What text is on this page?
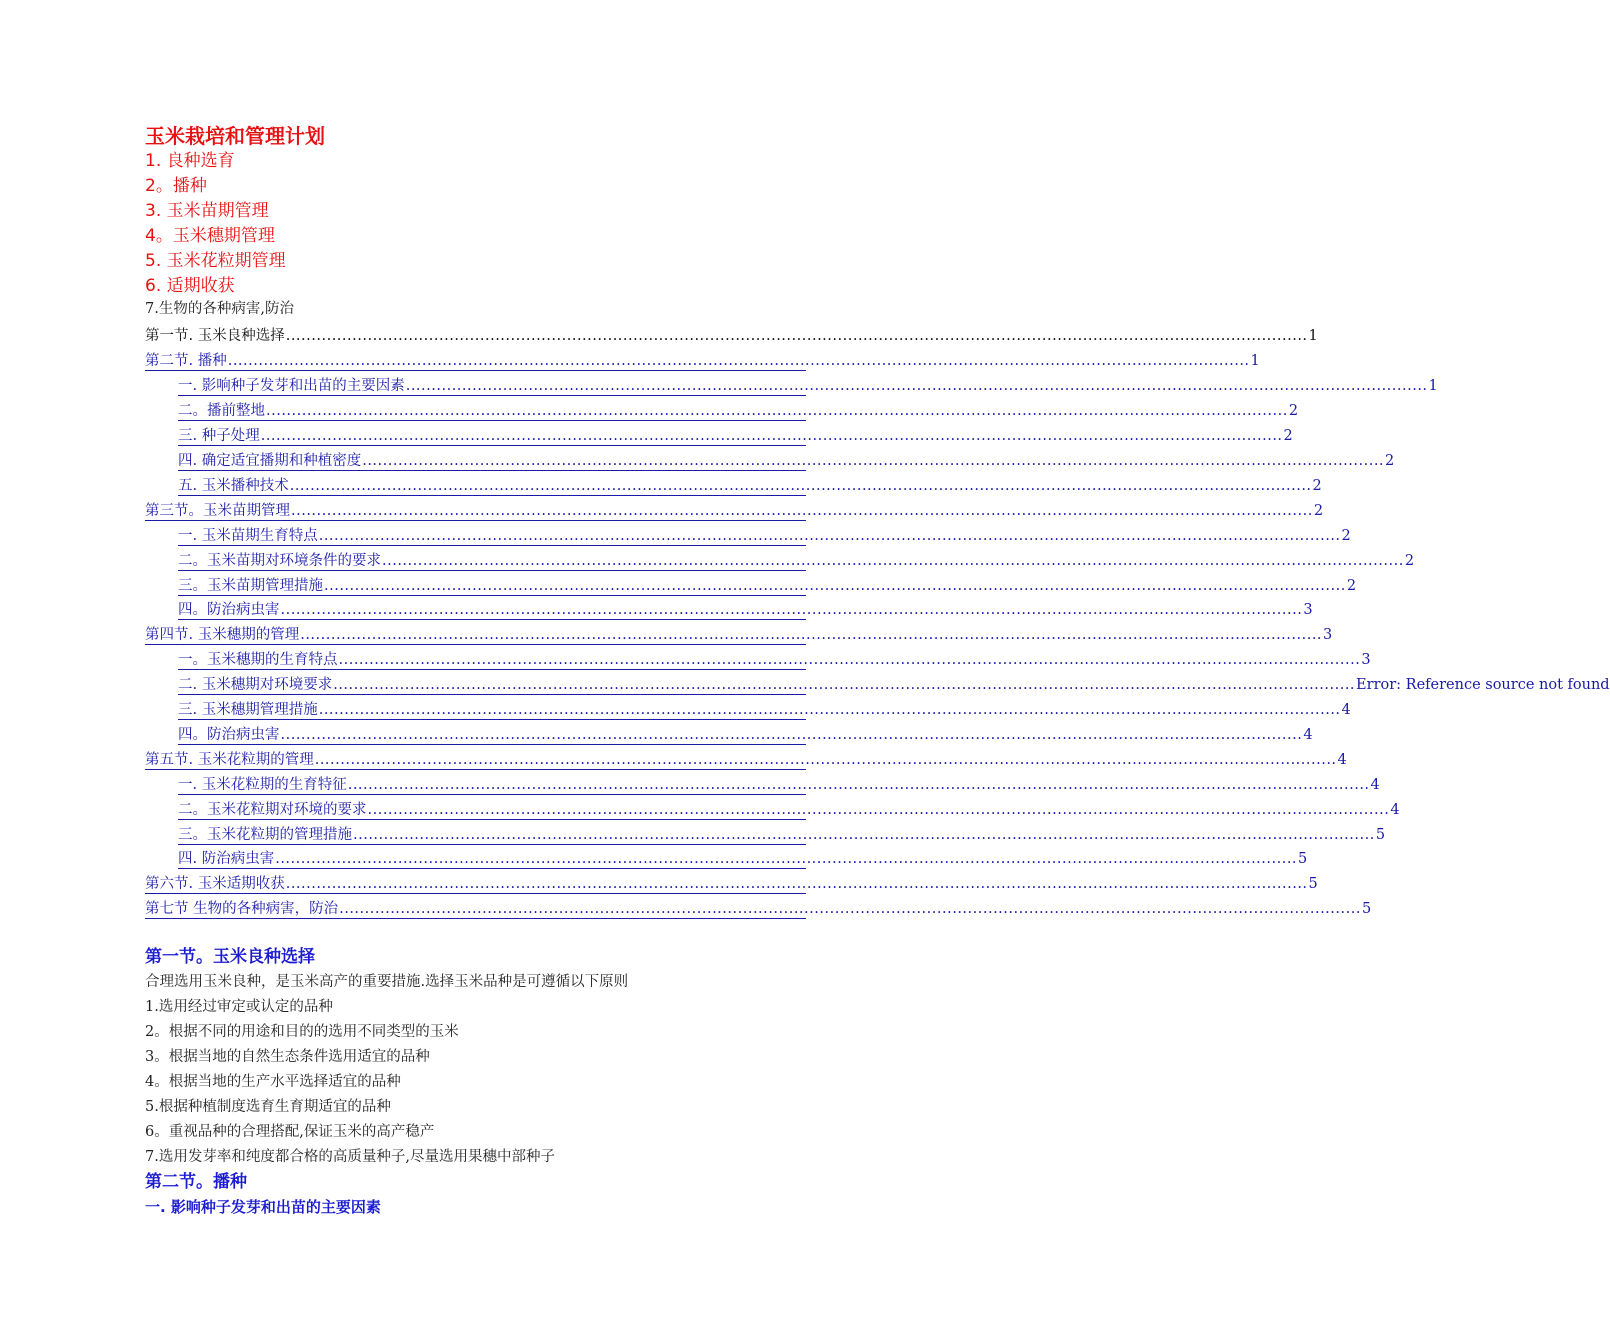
玉米栽培和管理计划
1. 良种选育
2。播种
3. 玉米苗期管理
4。玉米穗期管理
5. 玉米花粒期管理
6. 适期收获
7.生物的各种病害,防治
第一节. 玉米良种选择 ........................................................................................................................................................................................................ 1
第二节. 播种 ........................................................................................................................................................................................................ 1
一. 影响种子发芽和出苗的主要因素 ........................................................................................................................................................................................................ 1
二。播前整地 ........................................................................................................................................................................................................ 2
三. 种子处理 ........................................................................................................................................................................................................ 2
四. 确定适宜播期和种植密度 ........................................................................................................................................................................................................ 2
五. 玉米播种技术 ........................................................................................................................................................................................................ 2
第三节。玉米苗期管理 ........................................................................................................................................................................................................ 2
一. 玉米苗期生育特点 ........................................................................................................................................................................................................ 2
二。玉米苗期对环境条件的要求 ........................................................................................................................................................................................................ 2
三。玉米苗期管理措施 ........................................................................................................................................................................................................ 2
四。防治病虫害 ........................................................................................................................................................................................................ 3
第四节. 玉米穗期的管理 ........................................................................................................................................................................................................ 3
一。玉米穗期的生育特点 ........................................................................................................................................................................................................ 3
二. 玉米穗期对环境要求 ........................................................................................................................................................................................................ Error: Reference source not found
三. 玉米穗期管理措施 ........................................................................................................................................................................................................ 4
四。防治病虫害 ........................................................................................................................................................................................................ 4
第五节. 玉米花粒期的管理 ........................................................................................................................................................................................................ 4
一. 玉米花粒期的生育特征 ........................................................................................................................................................................................................ 4
二。玉米花粒期对环境的要求 ........................................................................................................................................................................................................ 4
三。玉米花粒期的管理措施 ........................................................................................................................................................................................................ 5
四. 防治病虫害 ........................................................................................................................................................................................................ 5
第六节. 玉米适期收获 ........................................................................................................................................................................................................ 5
第七节 生物的各种病害，防治 ........................................................................................................................................................................................................ 5
第一节。玉米良种选择
合理选用玉米良种，是玉米高产的重要措施.选择玉米品种是可遵循以下原则
1.选用经过审定或认定的品种
2。根据不同的用途和目的的选用不同类型的玉米
3。根据当地的自然生态条件选用适宜的品种
4。根据当地的生产水平选择适宜的品种
5.根据种植制度选育生育期适宜的品种
6。重视品种的合理搭配,保证玉米的高产稳产
7.选用发芽率和纯度都合格的高质量种子,尽量选用果穗中部种子
第二节。播种
一. 影响种子发芽和出苗的主要因素
